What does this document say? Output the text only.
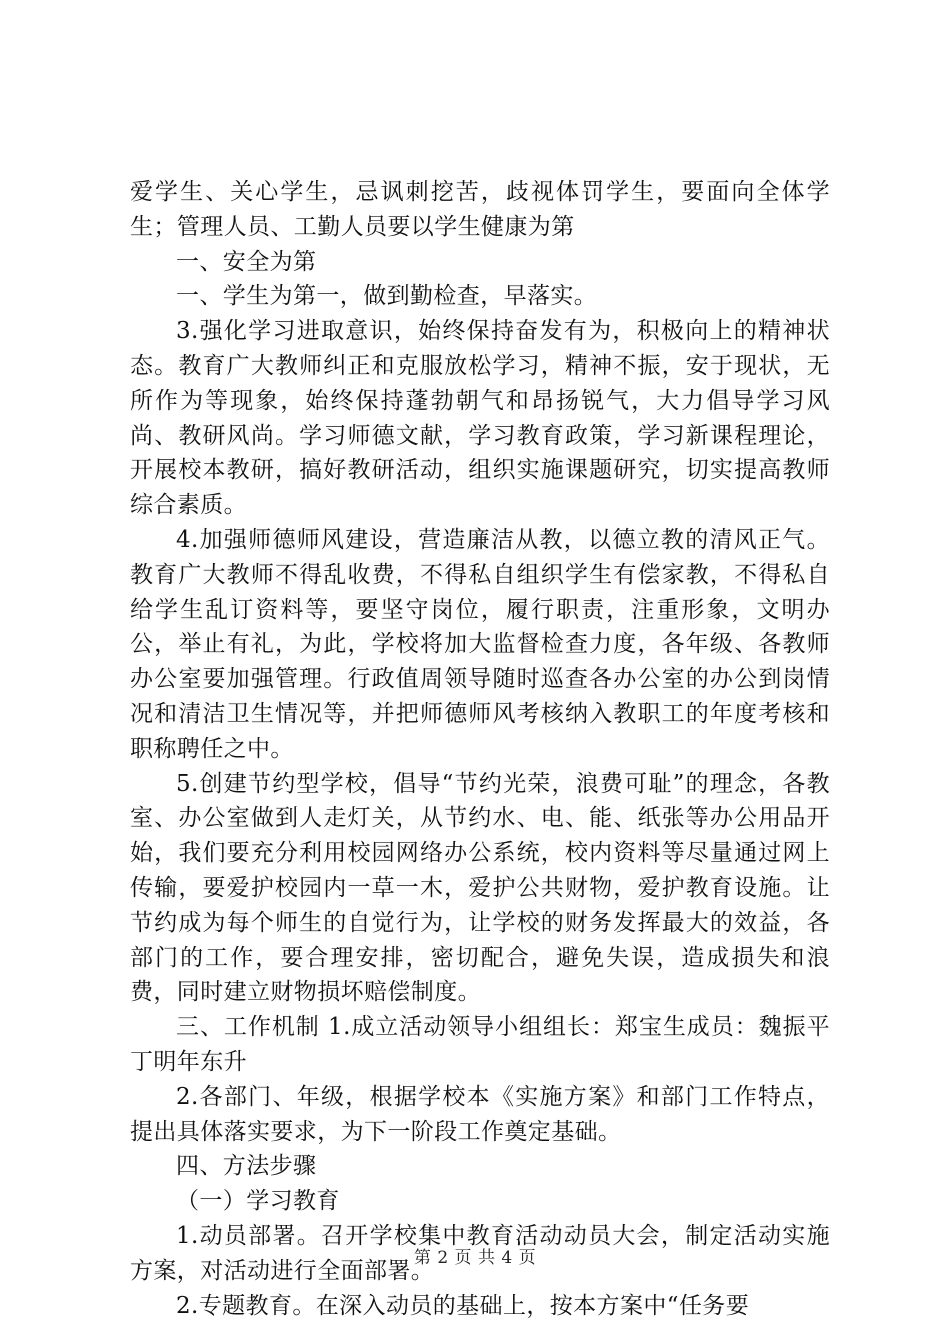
爱学生、关心学生，忌讽刺挖苦，歧视体罚学生，要面向全体学生；管理人员、工勤人员要以学生健康为第

一、安全为第

一、学生为第一，做到勤检查，早落实。

3.强化学习进取意识，始终保持奋发有为，积极向上的精神状态。教育广大教师纠正和克服放松学习，精神不振，安于现状，无所作为等现象，始终保持蓬勃朝气和昂扬锐气，大力倡导学习风尚、教研风尚。学习师德文献，学习教育政策，学习新课程理论，开展校本教研，搞好教研活动，组织实施课题研究，切实提高教师综合素质。

4.加强师德师风建设，营造廉洁从教，以德立教的清风正气。教育广大教师不得乱收费，不得私自组织学生有偿家教，不得私自给学生乱订资料等，要坚守岗位，履行职责，注重形象，文明办公，举止有礼，为此，学校将加大监督检查力度，各年级、各教师办公室要加强管理。行政值周领导随时巡查各办公室的办公到岗情况和清洁卫生情况等，并把师德师风考核纳入教职工的年度考核和职称聘任之中。

5.创建节约型学校，倡导“节约光荣，浪费可耻”的理念，各教室、办公室做到人走灯关，从节约水、电、能、纸张等办公用品开始，我们要充分利用校园网络办公系统，校内资料等尽量通过网上传输，要爱护校园内一草一木，爱护公共财物，爱护教育设施。让节约成为每个师生的自觉行为，让学校的财务发挥最大的效益，各部门的工作，要合理安排，密切配合，避免失误，造成损失和浪费，同时建立财物损坏赔偿制度。

三、工作机制 1.成立活动领导小组组长：郑宝生成员：魏振平丁明年东升

2.各部门、年级，根据学校本《实施方案》和部门工作特点，提出具体落实要求，为下一阶段工作奠定基础。

四、方法步骤

（一）学习教育

1.动员部署。召开学校集中教育活动动员大会，制定活动实施方案，对活动进行全面部署。

2.专题教育。在深入动员的基础上，按本方案中“任务要

第 2 页 共 4 页
